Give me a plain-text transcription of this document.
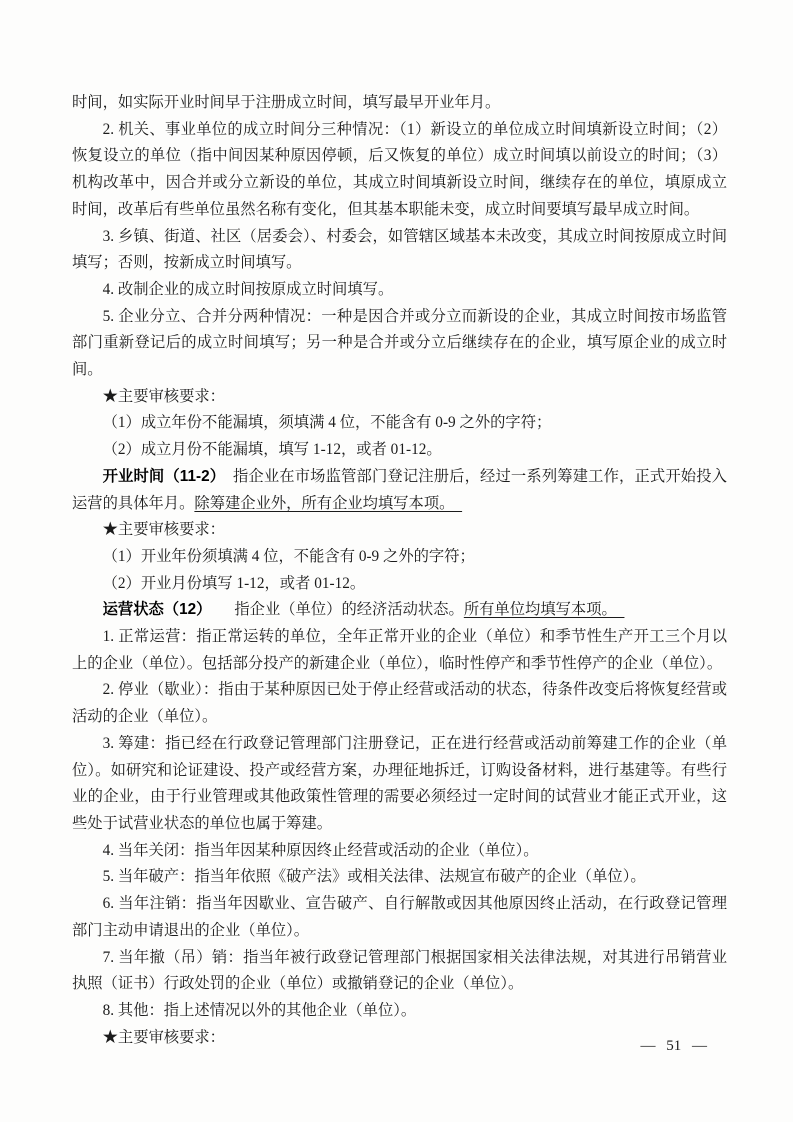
时间，如实际开业时间早于注册成立时间，填写最早开业年月。

2. 机关、事业单位的成立时间分三种情况：（1）新设立的单位成立时间填新设立时间；（2）恢复设立的单位（指中间因某种原因停顿，后又恢复的单位）成立时间填以前设立的时间；（3）机构改革中，因合并或分立新设的单位，其成立时间填新设立时间，继续存在的单位，填原成立时间，改革后有些单位虽然名称有变化，但其基本职能未变，成立时间要填写最早成立时间。

3. 乡镇、街道、社区（居委会）、村委会，如管辖区域基本未改变，其成立时间按原成立时间填写；否则，按新成立时间填写。

4. 改制企业的成立时间按原成立时间填写。

5. 企业分立、合并分两种情况：一种是因合并或分立而新设的企业，其成立时间按市场监管部门重新登记后的成立时间填写；另一种是合并或分立后继续存在的企业，填写原企业的成立时间。

★主要审核要求：

（1）成立年份不能漏填，须填满 4 位，不能含有 0-9 之外的字符；

（2）成立月份不能漏填，填写 1-12，或者 01-12。

开业时间（11-2）　 指企业在市场监管部门登记注册后，经过一系列筹建工作，正式开始投入运营的具体年月。除筹建企业外，所有企业均填写本项。　

★主要审核要求：

（1）开业年份须填满 4 位，不能含有 0-9 之外的字符；

（2）开业月份填写 1-12，或者 01-12。

运营状态（12）　　 指企业（单位）的经济活动状态。所有单位均填写本项。　

1. 正常运营：指正常运转的单位，全年正常开业的企业（单位）和季节性生产开工三个月以上的企业（单位）。包括部分投产的新建企业（单位），临时性停产和季节性停产的企业（单位）。

2. 停业（歇业）：指由于某种原因已处于停止经营或活动的状态，待条件改变后将恢复经营或活动的企业（单位）。

3. 筹建：指已经在行政登记管理部门注册登记，正在进行经营或活动前筹建工作的企业（单位）。如研究和论证建设、投产或经营方案，办理征地拆迁，订购设备材料，进行基建等。有些行业的企业，由于行业管理或其他政策性管理的需要必须经过一定时间的试营业才能正式开业，这些处于试营业状态的单位也属于筹建。

4. 当年关闭：指当年因某种原因终止经营或活动的企业（单位）。

5. 当年破产：指当年依照《破产法》或相关法律、法规宣布破产的企业（单位）。

6. 当年注销：指当年因歇业、宣告破产、自行解散或因其他原因终止活动，在行政登记管理部门主动申请退出的企业（单位）。

7. 当年撤（吊）销：指当年被行政登记管理部门根据国家相关法律法规，对其进行吊销营业执照（证书）行政处罚的企业（单位）或撤销登记的企业（单位）。

8. 其他：指上述情况以外的其他企业（单位）。

★主要审核要求：

— 51 —
